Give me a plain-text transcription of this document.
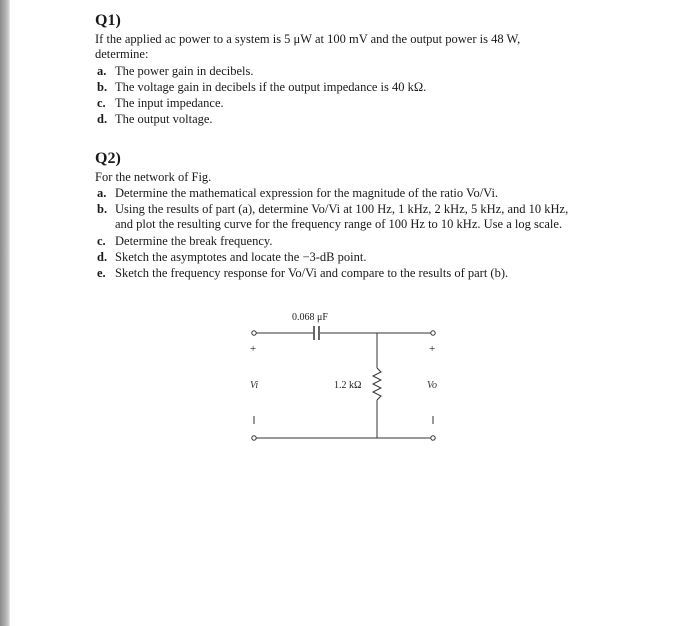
Q1)
If the applied ac power to a system is 5 μW at 100 mV and the output power is 48 W,
determine:
a. The power gain in decibels.
b. The voltage gain in decibels if the output impedance is 40 kΩ.
c. The input impedance.
d. The output voltage.
Q2)
For the network of Fig.
a. Determine the mathematical expression for the magnitude of the ratio Vo/Vi.
b. Using the results of part (a), determine Vo/Vi at 100 Hz, 1 kHz, 2 kHz, 5 kHz, and 10 kHz,
and plot the resulting curve for the frequency range of 100 Hz to 10 kHz. Use a log scale.
c. Determine the break frequency.
d. Sketch the asymptotes and locate the −3-dB point.
e. Sketch the frequency response for Vo/Vi and compare to the results of part (b).
0.068 μF
1.2 kΩ
+	+
Vi	Vo
